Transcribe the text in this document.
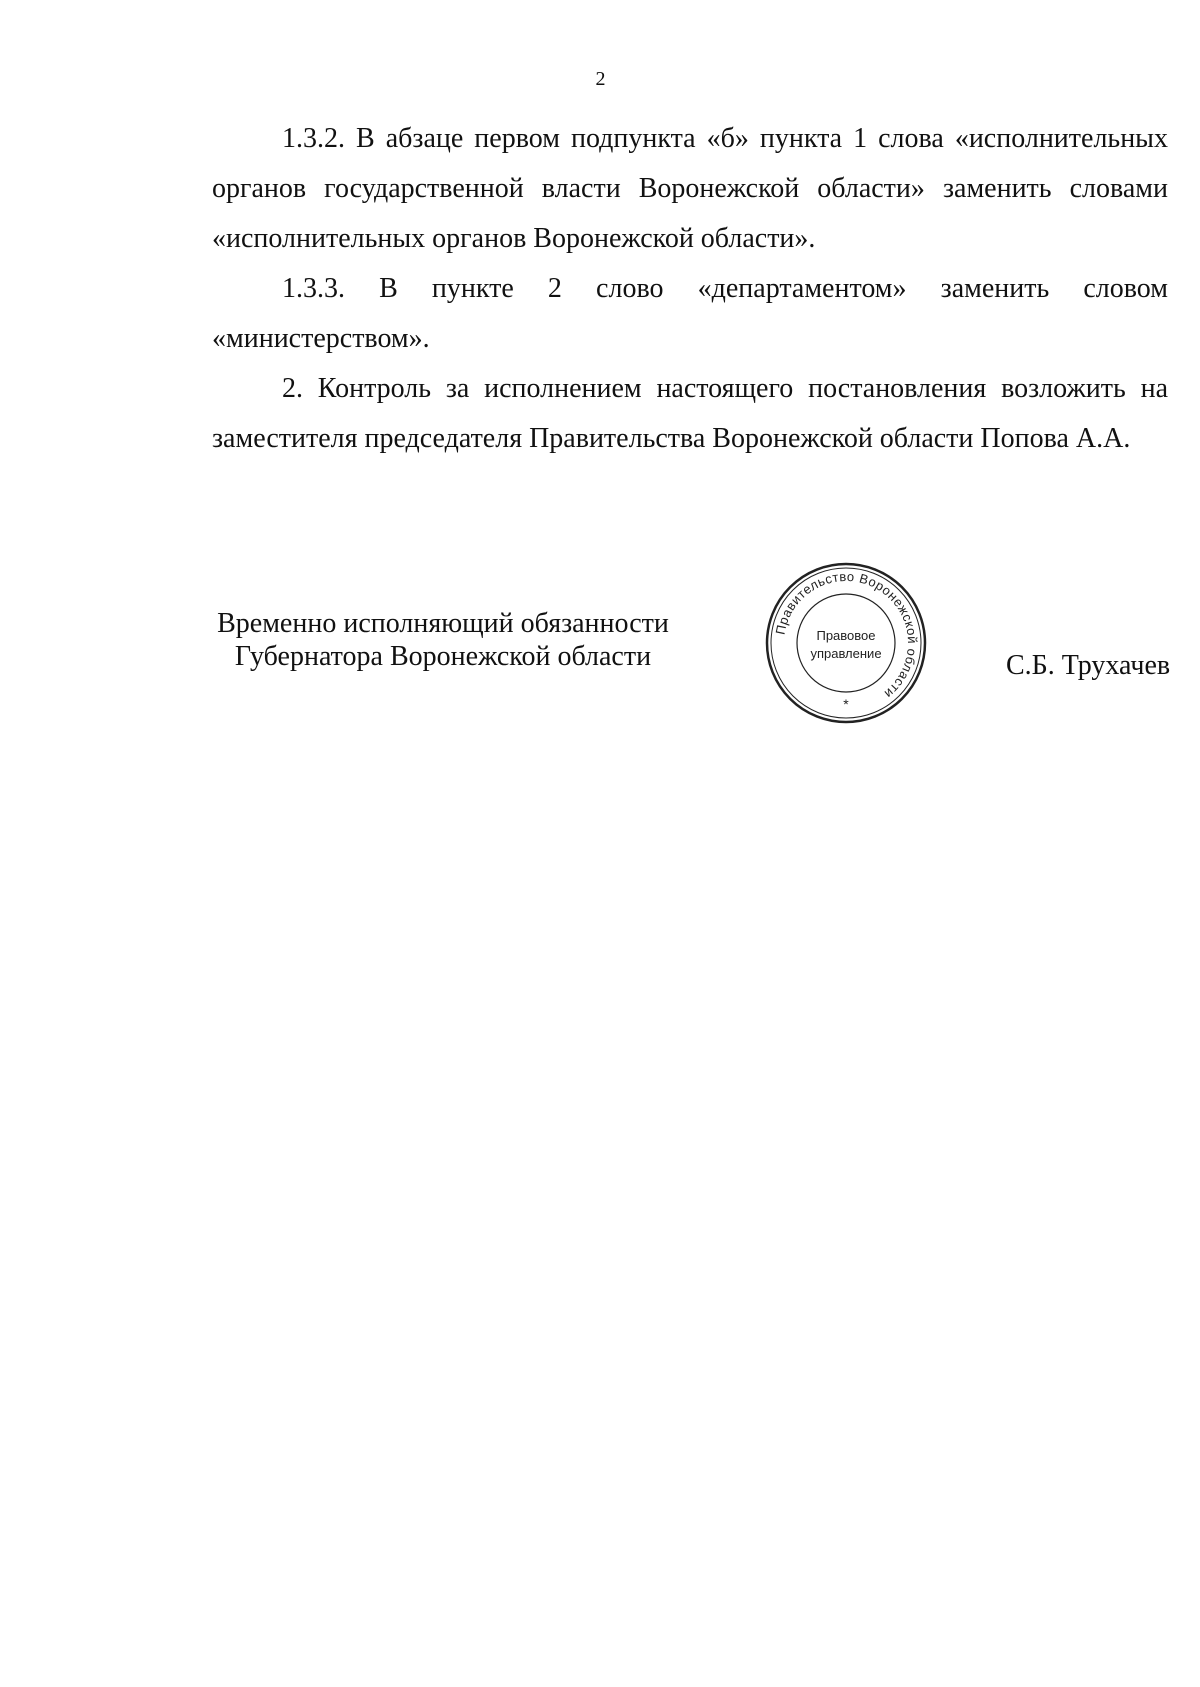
2

1.3.2. В абзаце первом подпункта «б» пункта 1 слова «исполнительных органов государственной власти Воронежской области» заменить словами «исполнительных органов Воронежской области».

1.3.3. В пункте 2 слово «департаментом» заменить словом «министерством».

2. Контроль за исполнением настоящего постановления возложить на заместителя председателя Правительства Воронежской области Попова А.А.

Временно исполняющий обязанности
Губернатора Воронежской области
Правительство Воронежской области
Правовое
управление
*
С.Б. Трухачев
